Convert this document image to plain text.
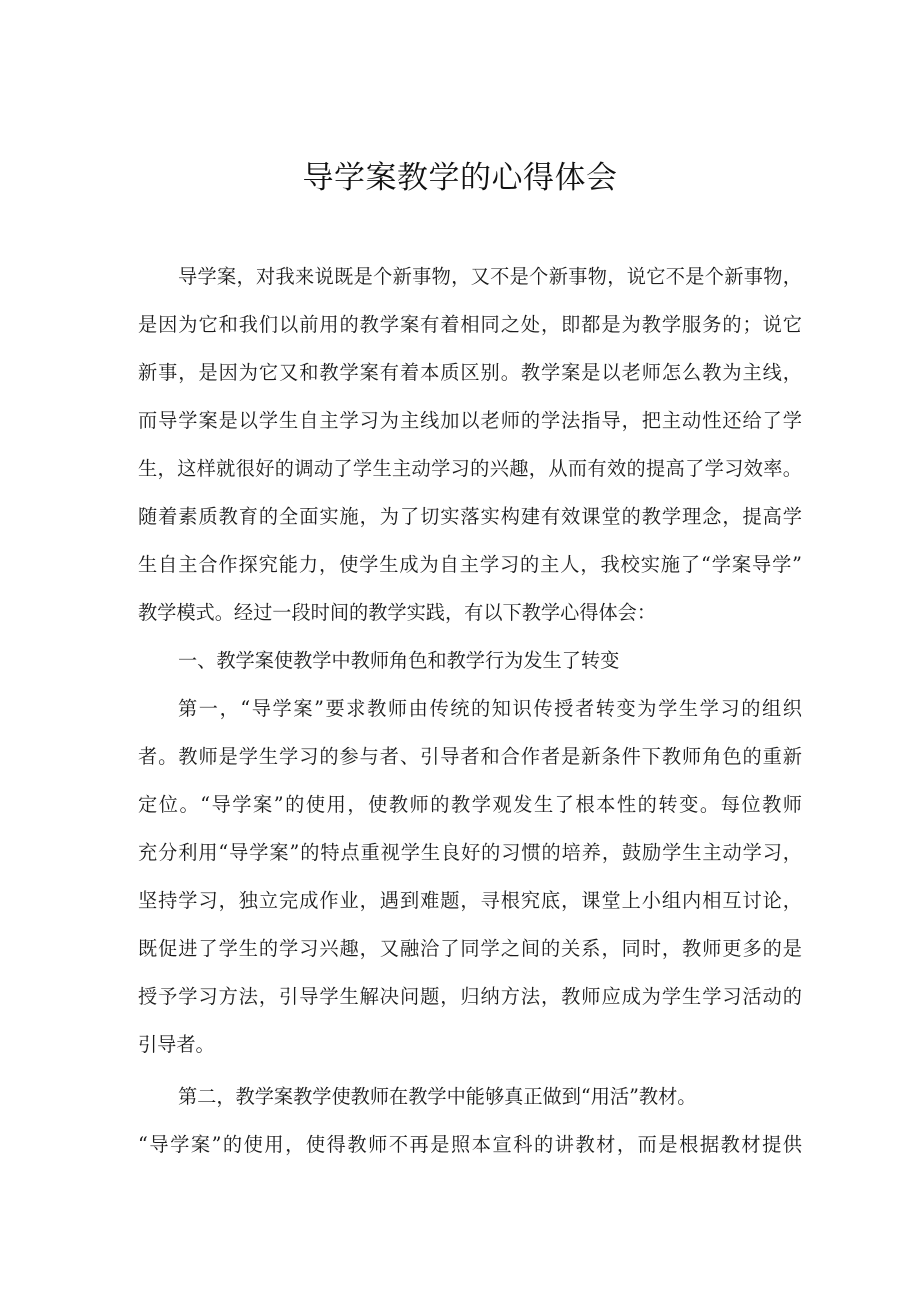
导学案教学的心得体会
导学案，对我来说既是个新事物，又不是个新事物，说它不是个新事物，
是因为它和我们以前用的教学案有着相同之处，即都是为教学服务的；说它
新事，是因为它又和教学案有着本质区别。教学案是以老师怎么教为主线，
而导学案是以学生自主学习为主线加以老师的学法指导，把主动性还给了学
生，这样就很好的调动了学生主动学习的兴趣，从而有效的提高了学习效率。
随着素质教育的全面实施，为了切实落实构建有效课堂的教学理念，提高学
生自主合作探究能力，使学生成为自主学习的主人，我校实施了“学案导学”
教学模式。经过一段时间的教学实践，有以下教学心得体会：
一、教学案使教学中教师角色和教学行为发生了转变
第一，“导学案”要求教师由传统的知识传授者转变为学生学习的组织
者。教师是学生学习的参与者、引导者和合作者是新条件下教师角色的重新
定位。“导学案”的使用，使教师的教学观发生了根本性的转变。每位教师
充分利用“导学案”的特点重视学生良好的习惯的培养，鼓励学生主动学习，
坚持学习，独立完成作业，遇到难题，寻根究底，课堂上小组内相互讨论，
既促进了学生的学习兴趣，又融洽了同学之间的关系，同时，教师更多的是
授予学习方法，引导学生解决问题，归纳方法，教师应成为学生学习活动的
引导者。
第二，教学案教学使教师在教学中能够真正做到“用活”教材。
“导学案”的使用，使得教师不再是照本宣科的讲教材，而是根据教材提供
